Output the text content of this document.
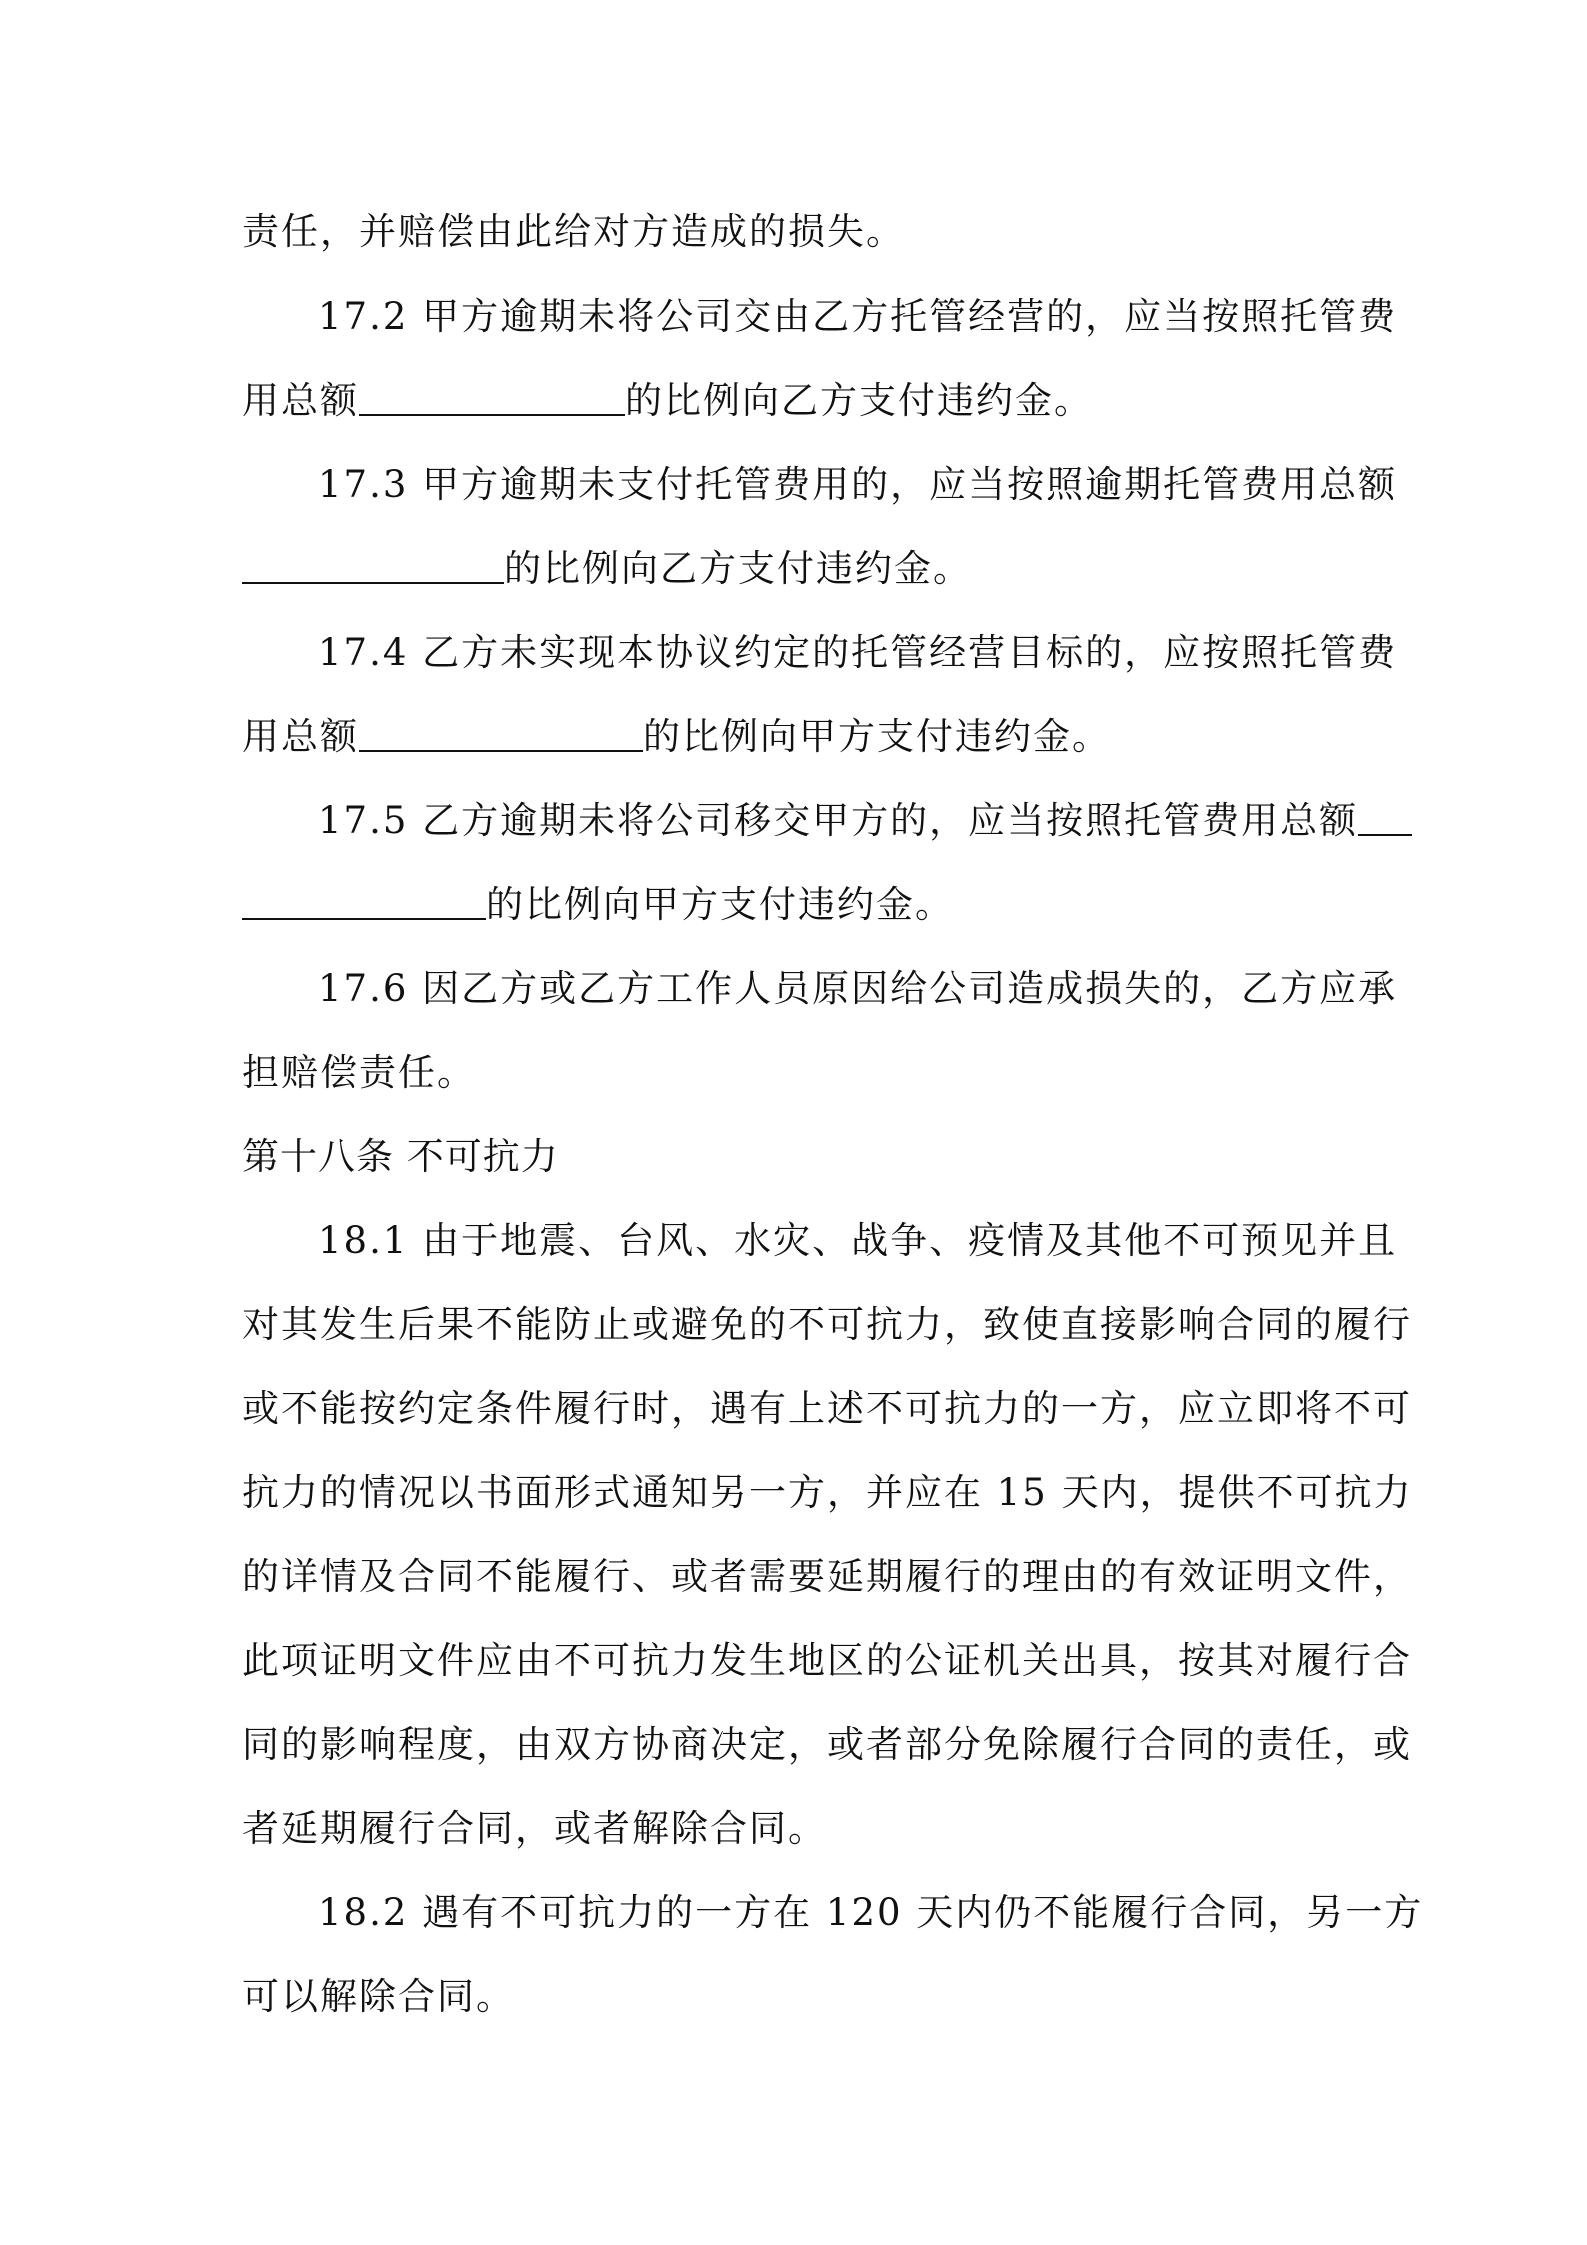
责任，并赔偿由此给对方造成的损失。
17.2 甲方逾期未将公司交由乙方托管经营的，应当按照托管费
用总额	的比例向乙方支付违约金。
17.3 甲方逾期未支付托管费用的，应当按照逾期托管费用总额
的比例向乙方支付违约金。
17.4 乙方未实现本协议约定的托管经营目标的，应按照托管费
用总额	的比例向甲方支付违约金。
17.5 乙方逾期未将公司移交甲方的，应当按照托管费用总额
的比例向甲方支付违约金。
17.6 因乙方或乙方工作人员原因给公司造成损失的，乙方应承
担赔偿责任。
第十八条 不可抗力
18.1 由于地震、台风、水灾、战争、疫情及其他不可预见并且
对其发生后果不能防止或避免的不可抗力，致使直接影响合同的履行
或不能按约定条件履行时，遇有上述不可抗力的一方，应立即将不可
抗力的情况以书面形式通知另一方，并应在 15 天内，提供不可抗力
的详情及合同不能履行、或者需要延期履行的理由的有效证明文件，
此项证明文件应由不可抗力发生地区的公证机关出具，按其对履行合
同的影响程度，由双方协商决定，或者部分免除履行合同的责任，或
者延期履行合同，或者解除合同。
18.2 遇有不可抗力的一方在 120 天内仍不能履行合同，另一方
可以解除合同。
